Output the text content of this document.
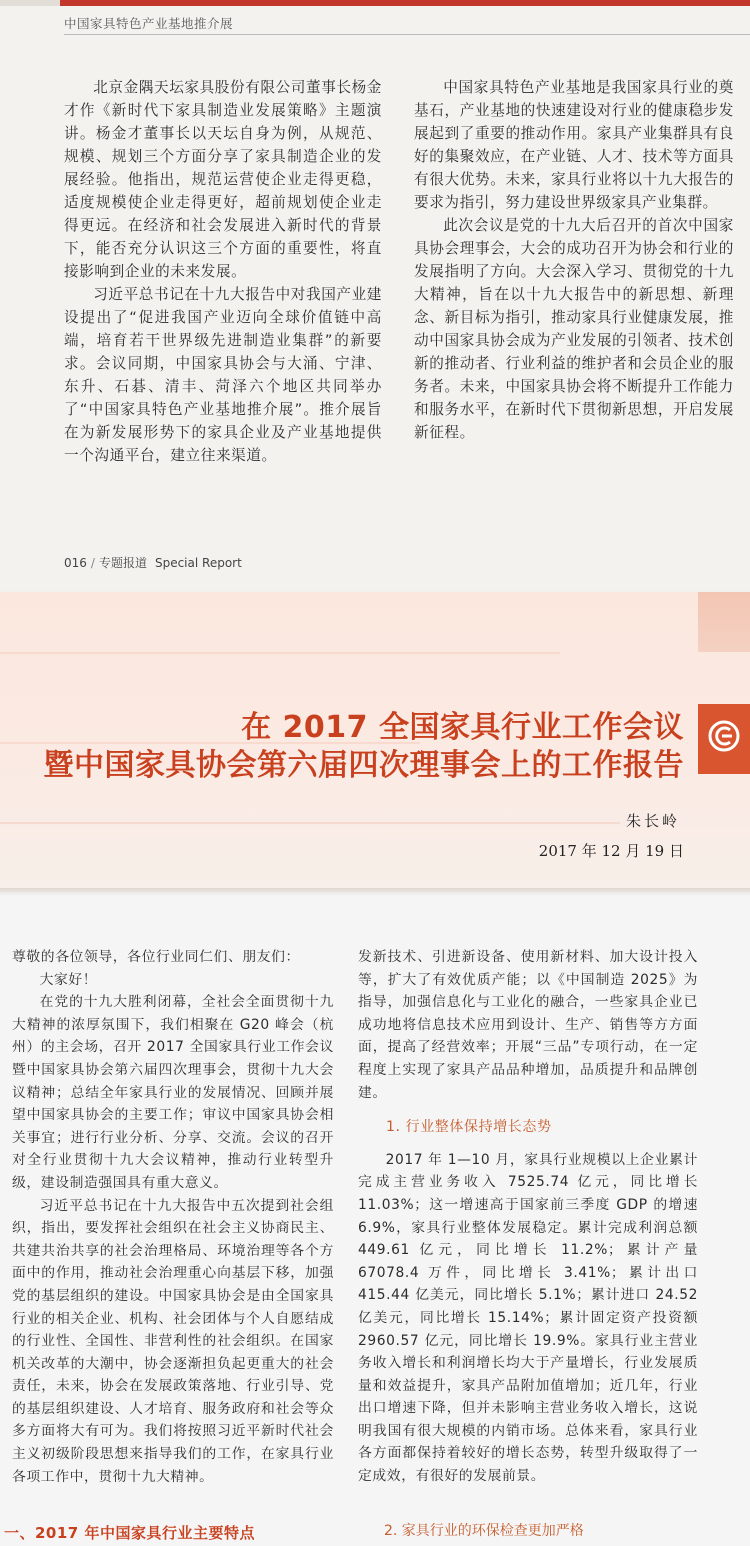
中国家具特色产业基地推介展

北京金隅天坛家具股份有限公司董事长杨金才作《新时代下家具制造业发展策略》主题演讲。杨金才董事长以天坛自身为例，从规范、规模、规划三个方面分享了家具制造企业的发展经验。他指出，规范运营使企业走得更稳，适度规模使企业走得更好，超前规划使企业走得更远。在经济和社会发展进入新时代的背景下，能否充分认识这三个方面的重要性，将直接影响到企业的未来发展。

习近平总书记在十九大报告中对我国产业建设提出了“促进我国产业迈向全球价值链中高端，培育若干世界级先进制造业集群”的新要求。会议同期，中国家具协会与大涌、宁津、东升、石碁、清丰、菏泽六个地区共同举办了“中国家具特色产业基地推介展”。推介展旨在为新发展形势下的家具企业及产业基地提供一个沟通平台，建立往来渠道。

中国家具特色产业基地是我国家具行业的奠基石，产业基地的快速建设对行业的健康稳步发展起到了重要的推动作用。家具产业集群具有良好的集聚效应，在产业链、人才、技术等方面具有很大优势。未来，家具行业将以十九大报告的要求为指引，努力建设世界级家具产业集群。

此次会议是党的十九大后召开的首次中国家具协会理事会，大会的成功召开为协会和行业的发展指明了方向。大会深入学习、贯彻党的十九大精神，旨在以十九大报告中的新思想、新理念、新目标为指引，推动家具行业健康发展，推动中国家具协会成为产业发展的引领者、技术创新的推动者、行业利益的维护者和会员企业的服务者。未来，中国家具协会将不断提升工作能力和服务水平，在新时代下贯彻新思想，开启发展新征程。

016 / 专题报道 Special Report
在 2017 全国家具行业工作会议
暨中国家具协会第六届四次理事会上的工作报告
朱长岭
2017 年 12 月 19 日

尊敬的各位领导，各位行业同仁们、朋友们：

大家好！

在党的十九大胜利闭幕，全社会全面贯彻十九大精神的浓厚氛围下，我们相聚在 G20 峰会（杭州）的主会场，召开 2017 全国家具行业工作会议暨中国家具协会第六届四次理事会，贯彻十九大会议精神；总结全年家具行业的发展情况、回顾并展望中国家具协会的主要工作；审议中国家具协会相关事宜；进行行业分析、分享、交流。会议的召开对全行业贯彻十九大会议精神，推动行业转型升级，建设制造强国具有重大意义。

习近平总书记在十九大报告中五次提到社会组织，指出，要发挥社会组织在社会主义协商民主、共建共治共享的社会治理格局、环境治理等各个方面中的作用，推动社会治理重心向基层下移，加强党的基层组织的建设。中国家具协会是由全国家具行业的相关企业、机构、社会团体与个人自愿结成的行业性、全国性、非营利性的社会组织。在国家机关改革的大潮中，协会逐渐担负起更重大的社会责任，未来，协会在发展政策落地、行业引导、党的基层组织建设、人才培育、服务政府和社会等众多方面将大有可为。我们将按照习近平新时代社会主义初级阶段思想来指导我们的工作，在家具行业各项工作中，贯彻十九大精神。

一、2017 年中国家具行业主要特点

发新技术、引进新设备、使用新材料、加大设计投入等，扩大了有效优质产能；以《中国制造 2025》为指导，加强信息化与工业化的融合，一些家具企业已成功地将信息技术应用到设计、生产、销售等方方面面，提高了经营效率；开展“三品”专项行动，在一定程度上实现了家具产品品种增加，品质提升和品牌创建。

1. 行业整体保持增长态势

2017 年 1—10 月，家具行业规模以上企业累计完成主营业务收入 7525.74 亿元，同比增长 11.03%；这一增速高于国家前三季度 GDP 的增速 6.9%，家具行业整体发展稳定。累计完成利润总额 449.61 亿元，同比增长 11.2%；累计产量 67078.4 万件，同比增长 3.41%；累计出口 415.44 亿美元，同比增长 5.1%；累计进口 24.52 亿美元，同比增长 15.14%；累计固定资产投资额 2960.57 亿元，同比增长 19.9%。家具行业主营业务收入增长和利润增长均大于产量增长，行业发展质量和效益提升，家具产品附加值增加；近几年，行业出口增速下降，但并未影响主营业务收入增长，这说明我国有很大规模的内销市场。总体来看，家具行业各方面都保持着较好的增长态势，转型升级取得了一定成效，有很好的发展前景。

2. 家具行业的环保检查更加严格
